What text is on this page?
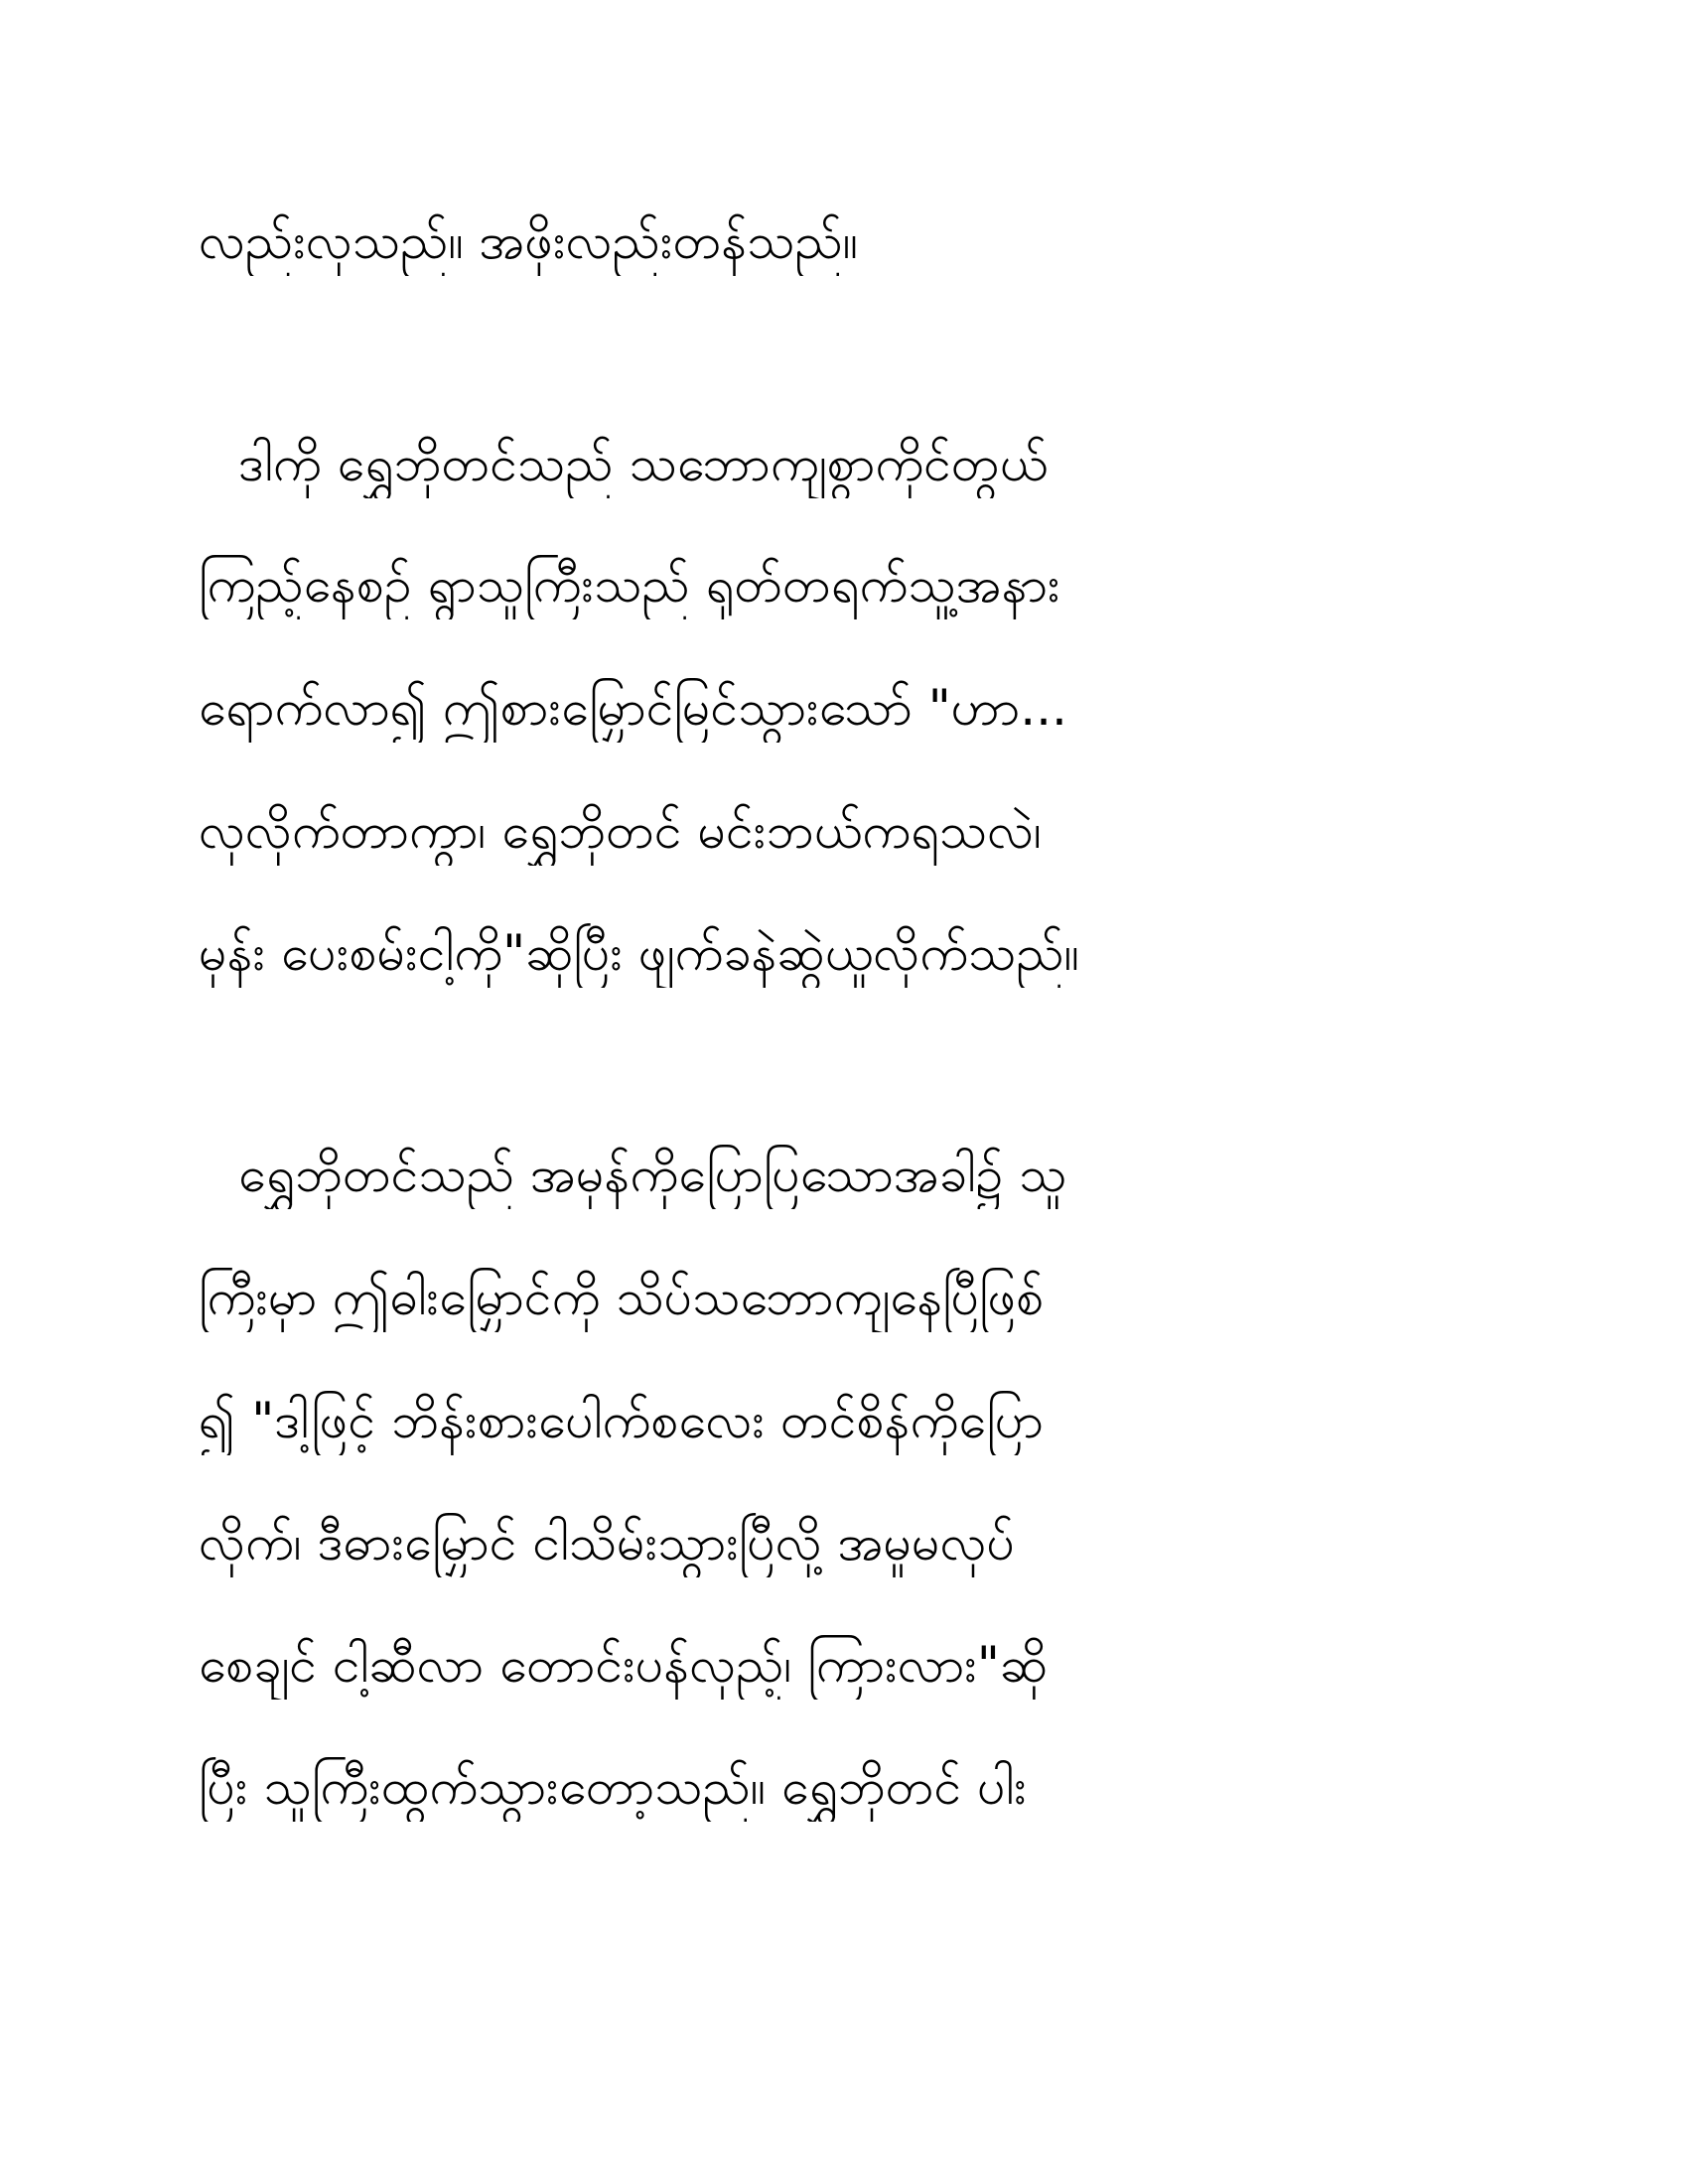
လည်းလှသည်။ အဖိုးလည်းတန်သည်။
ဒါကို ရွှေဘိုတင်သည် သဘောကျစွာကိုင်တွယ်
ကြည့်နေစဉ် ရွာသူကြီးသည် ရုတ်တရက်သူ့အနား
ရောက်လာ၍ ဤစားမြှောင်မြင်သွားသော် "ဟာ...
လှလိုက်တာကွာ၊ ရွှေဘိုတင် မင်းဘယ်ကရသလဲ၊
မှန်း ပေးစမ်းငါ့ကို"ဆိုပြီး ဖျက်ခနဲဆွဲယူလိုက်သည်။
ရွှေဘိုတင်သည် အမှန်ကိုပြောပြသောအခါ၌ သူ
ကြီးမှာ ဤဓါးမြှောင်ကို သိပ်သဘောကျနေပြီဖြစ်
၍ "ဒါ့ဖြင့် ဘိန်းစားပေါက်စလေး တင်စိန်ကိုပြော
လိုက်၊ ဒီဓားမြှောင် ငါသိမ်းသွားပြီလို့ အမှုမလုပ်
စေချင် ငါ့ဆီလာ တောင်းပန်လှည့်၊ ကြားလား"ဆို
ပြီး သူကြီးထွက်သွားတော့သည်။ ရွှေဘိုတင် ပါး
